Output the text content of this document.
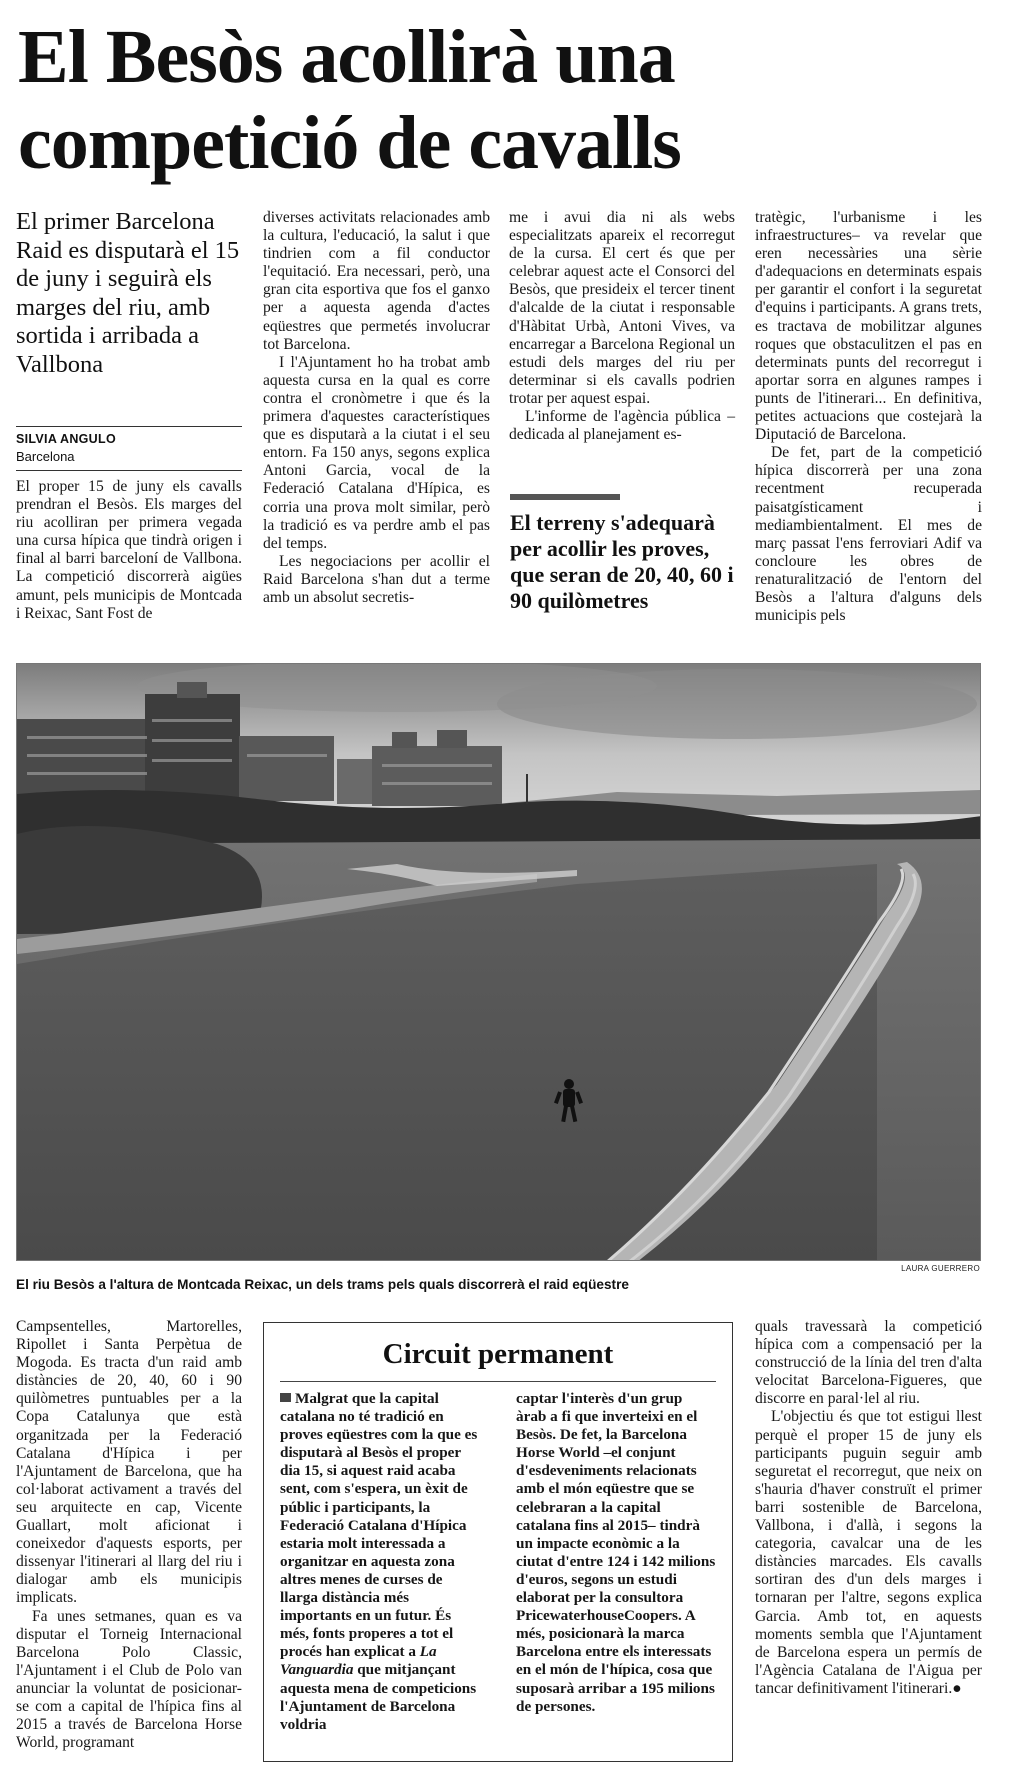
El Besòs acollirà una
competició de cavalls
El primer Barcelona Raid es disputarà el 15 de juny i seguirà els marges del riu, amb sortida i arribada a Vallbona
SILVIA ANGULO
Barcelona

El proper 15 de juny els cavalls prendran el Besòs. Els marges del riu acolliran per primera vegada una cursa hípica que tindrà origen i final al barri barceloní de Vallbona. La competició discorrerà aigües amunt, pels municipis de Montcada i Reixac, Sant Fost de

diverses activitats relacionades amb la cultura, l'educació, la salut i que tindrien com a fil conductor l'equitació. Era necessari, però, una gran cita esportiva que fos el ganxo per a aquesta agenda d'actes eqüestres que permetés involucrar tot Barcelona.

I l'Ajuntament ho ha trobat amb aquesta cursa en la qual es corre contra el cronòmetre i que és la primera d'aquestes característiques que es disputarà a la ciutat i el seu entorn. Fa 150 anys, segons explica Antoni Garcia, vocal de la Federació Catalana d'Hípica, es corria una prova molt similar, però la tradició es va perdre amb el pas del temps.

Les negociacions per acollir el Raid Barcelona s'han dut a terme amb un absolut secretis-

me i avui dia ni als webs especialitzats apareix el recorregut de la cursa. El cert és que per celebrar aquest acte el Consorci del Besòs, que presideix el tercer tinent d'alcalde de la ciutat i responsable d'Hàbitat Urbà, Antoni Vives, va encarregar a Barcelona Regional un estudi dels marges del riu per determinar si els cavalls podrien trotar per aquest espai.

L'informe de l'agència pública –dedicada al planejament es-

El terreny s'adequarà per acollir les proves, que seran de 20, 40, 60 i 90 quilòmetres

tratègic, l'urbanisme i les infraestructures– va revelar que eren necessàries una sèrie d'adequacions en determinats espais per garantir el confort i la seguretat d'equins i participants. A grans trets, es tractava de mobilitzar algunes roques que obstaculitzen el pas en determinats punts del recorregut i aportar sorra en algunes rampes i punts de l'itinerari... En definitiva, petites actuacions que costejarà la Diputació de Barcelona.

De fet, part de la competició hípica discorrerà per una zona recentment recuperada paisatgísticament i mediambientalment. El mes de març passat l'ens ferroviari Adif va concloure les obres de renaturalització de l'entorn del Besòs a l'altura d'alguns dels municipis pels

LAURA GUERRERO
El riu Besòs a l'altura de Montcada Reixac, un dels trams pels quals discorrerà el raid eqüestre

Campsentelles, Martorelles, Ripollet i Santa Perpètua de Mogoda. Es tracta d'un raid amb distàncies de 20, 40, 60 i 90 quilòmetres puntuables per a la Copa Catalunya que està organitzada per la Federació Catalana d'Hípica i per l'Ajuntament de Barcelona, que ha col·laborat activament a través del seu arquitecte en cap, Vicente Guallart, molt aficionat i coneixedor d'aquests esports, per dissenyar l'itinerari al llarg del riu i dialogar amb els municipis implicats.

Fa unes setmanes, quan es va disputar el Torneig Internacional Barcelona Polo Classic, l'Ajuntament i el Club de Polo van anunciar la voluntat de posicionar-se com a capital de l'hípica fins al 2015 a través de Barcelona Horse World, programant

quals travessarà la competició hípica com a compensació per la construcció de la línia del tren d'alta velocitat Barcelona-Figueres, que discorre en paral·lel al riu.

L'objectiu és que tot estigui llest perquè el proper 15 de juny els participants puguin seguir amb seguretat el recorregut, que neix on s'hauria d'haver construït el primer barri sostenible de Barcelona, Vallbona, i d'allà, i segons la categoria, cavalcar una de les distàncies marcades. Els cavalls sortiran des d'un dels marges i tornaran per l'altre, segons explica Garcia. Amb tot, en aquests moments sembla que l'Ajuntament de Barcelona espera un permís de l'Agència Catalana de l'Aigua per tancar definitivament l'itinerari.●

Circuit permanent
Malgrat que la capital catalana no té tradició en proves eqüestres com la que es disputarà al Besòs el proper dia 15, si aquest raid acaba sent, com s'espera, un èxit de públic i participants, la Federació Catalana d'Hípica estaria molt interessada a organitzar en aquesta zona altres menes de curses de llarga distància més importants en un futur. És més, fonts properes a tot el procés han explicat a La Vanguardia que mitjançant aquesta mena de competicions l'Ajuntament de Barcelona voldria
captar l'interès d'un grup àrab a fi que inverteixi en el Besòs. De fet, la Barcelona Horse World –el conjunt d'esdeveniments relacionats amb el món eqüestre que se celebraran a la capital catalana fins al 2015– tindrà un impacte econòmic a la ciutat d'entre 124 i 142 milions d'euros, segons un estudi elaborat per la consultora PricewaterhouseCoopers. A més, posicionarà la marca Barcelona entre els interessats en el món de l'hípica, cosa que suposarà arribar a 195 milions de persones.
